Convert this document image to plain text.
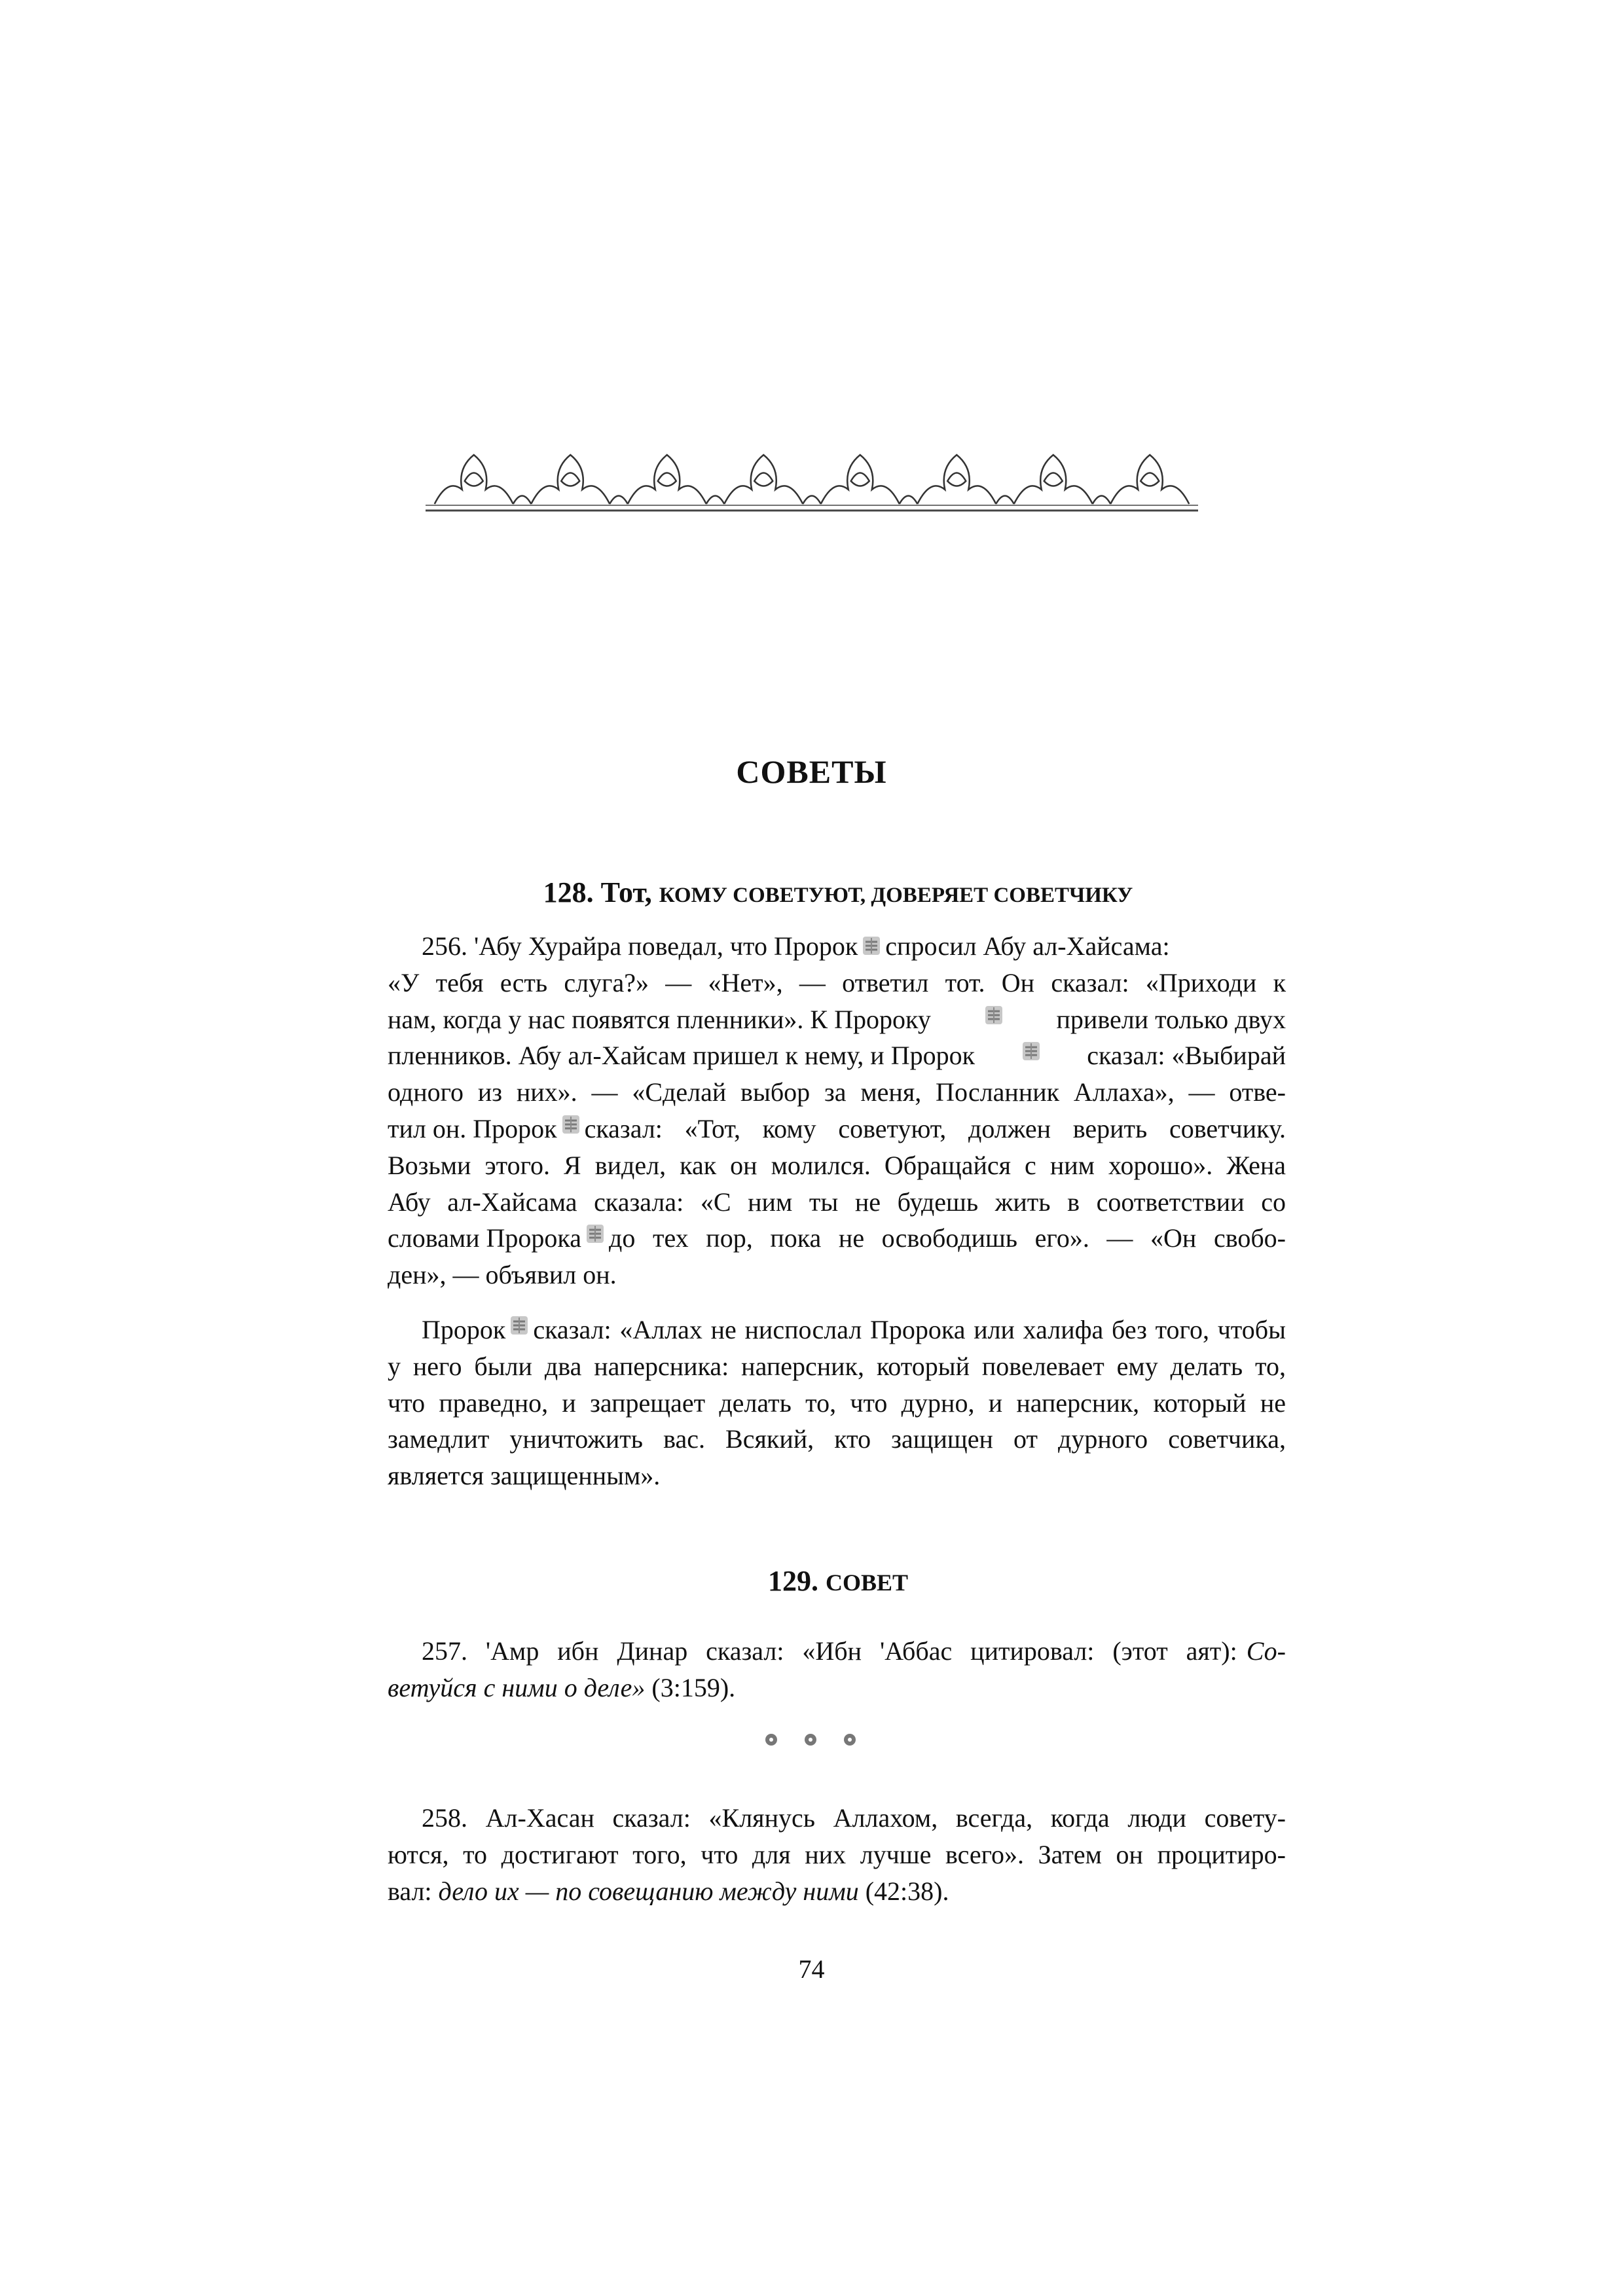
СОВЕТЫ
128. Тот, КОМУ СОВЕТУЮТ, ДОВЕРЯЕТ СОВЕТЧИКУ
256. 'Абу Хурайра поведал, что Пророк спросил Абу ал-Хайсама:
«У тебя есть слуга?» — «Нет», — ответил тот. Он сказал: «Приходи к
нам, когда у нас появятся пленники». К Пророку	привели только двух
пленников. Абу ал-Хайсам пришел к нему, и Пророк	сказал: «Выбирай
одного из них». — «Сделай выбор за меня, Посланник Аллаха», — отве-
тил он. Пророк сказал: «Тот, кому советуют, должен верить советчику.
Возьми этого. Я видел, как он молился. Обращайся с ним хорошо». Жена
Абу ал-Хайсама сказала: «С ним ты не будешь жить в соответствии со
словами Пророка до тех пор, пока не освободишь его». — «Он свобо-
ден», — объявил он.
Пророк сказал: «Аллах не ниспослал Пророка или халифа без того, чтобы
у него были два наперсника: наперсник, который повелевает ему делать то,
что праведно, и запрещает делать то, что дурно, и наперсник, который не
замедлит уничтожить вас. Всякий, кто защищен от дурного советчика,
является защищенным».
129. СОВЕТ
257. 'Амр ибн Динар сказал: «Ибн 'Аббас цитировал: (этот аят): Со-
ветуйся с ними о деле» (3:159).
258. Ал-Хасан сказал: «Клянусь Аллахом, всегда, когда люди совету-
ются, то достигают того, что для них лучше всего». Затем он процитиро-
вал: дело их — по совещанию между ними (42:38).
74
